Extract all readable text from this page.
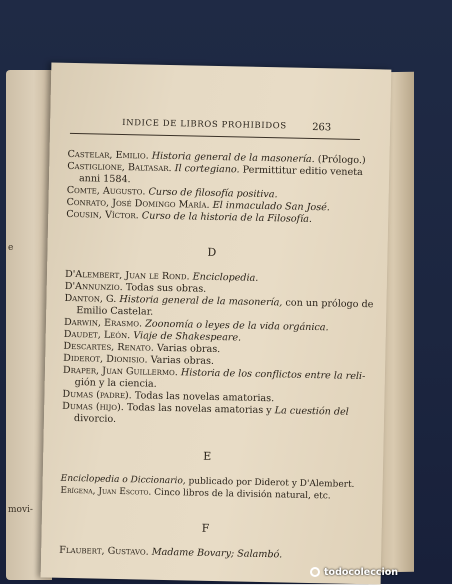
e
movi-
INDICE DE LIBROS PROHIBIDOS	263
Castelar, Emilio. Historia general de la masonería. (Prólogo.)
Castiglione, Baltasar. Il cortegiano. Permittitur editio veneta
anni 1584.
Comte, Augusto. Curso de filosofía positiva.
Conrato, José Domingo María. El inmaculado San José.
Cousin, Víctor. Curso de la historia de la Filosofía.
D
D'Alembert, Juan le Rond. Enciclopedia.
D'Annunzio. Todas sus obras.
Danton, G. Historia general de la masonería, con un prólogo de
Emilio Castelar.
Darwin, Erasmo. Zoonomía o leyes de la vida orgánica.
Daudet, León. Viaje de Shakespeare.
Descartes, Renato. Varias obras.
Diderot, Dionisio. Varias obras.
Draper, Juan Guillermo. Historia de los conflictos entre la reli-
gión y la ciencia.
Dumas (padre). Todas las novelas amatorias.
Dumas (hijo). Todas las novelas amatorias y La cuestión del
divorcio.
E
Enciclopedia o Diccionario, publicado por Diderot y D'Alembert.
Erígena, Juan Escoto. Cinco libros de la división natural, etc.
F
Flaubert, Gustavo. Madame Bovary; Salambó.
todocoleccion
